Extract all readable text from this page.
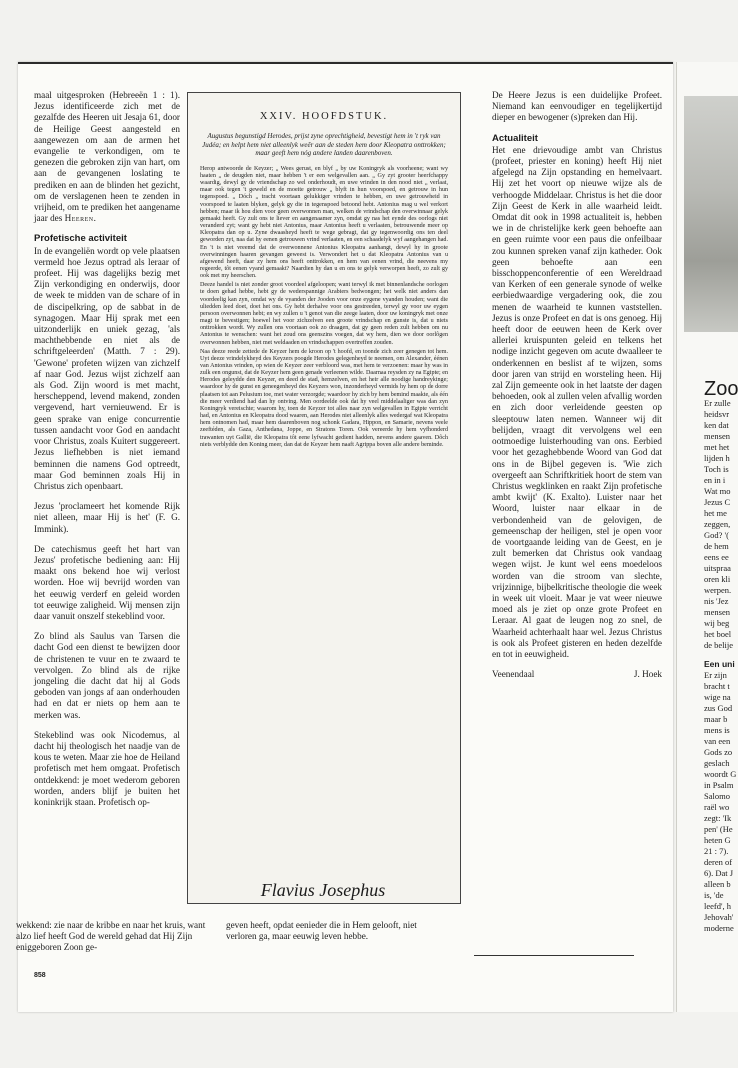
maal uitgesproken (Hebreeën 1 : 1). Jezus identificeerde zich met de gezalfde des Heeren uit Jesaja 61, door de Heilige Geest aangesteld en aangewezen om aan de armen het evangelie te verkondigen, om te genezen die gebroken zijn van hart, om aan de gevangenen loslating te prediken en aan de blinden het gezicht, om de verslagenen heen te zenden in vrijheid, om te prediken het aangename jaar des Heeren.

Profetische activiteit

In de evangeliën wordt op vele plaatsen vermeld hoe Jezus optrad als leraar of profeet. Hij was dagelijks bezig met Zijn verkondiging en onderwijs, door de week te midden van de schare of in de discipelkring, op de sabbat in de synagogen. Maar Hij sprak met een uitzonderlijk en uniek gezag, 'als machthebbende en niet als de schriftgeleerden' (Matth. 7 : 29). 'Gewone' profeten wijzen van zichzelf af naar God. Jezus wijst zichzelf aan als God. Zijn woord is met macht, herscheppend, levend makend, zonden vergevend, hart vernieuwend. Er is geen sprake van enige concurrentie tussen aandacht voor God en aandacht voor Christus, zoals Kuitert suggereert. Jezus liefhebben is niet iemand beminnen die namens God optreedt, maar God beminnen zoals Hij in Christus zich openbaart.

Jezus 'proclameert het komende Rijk niet alleen, maar Hij is het' (F. G. Immink).

De catechismus geeft het hart van Jezus' profetische bediening aan: Hij maakt ons bekend hoe wij verlost worden. Hoe wij bevrijd worden van het eeuwig verderf en geleid worden tot eeuwige zaligheid. Wij mensen zijn daar vanuit onszelf stekeblind voor.

Zo blind als Saulus van Tarsen die dacht God een dienst te bewijzen door de christenen te vuur en te zwaard te vervolgen. Zo blind als de rijke jongeling die dacht dat hij al Gods geboden van jongs af aan onderhouden had en dat er niets op hem aan te merken was.

Stekeblind was ook Nicodemus, al dacht hij theologisch het naadje van de kous te weten. Maar zie hoe de Heiland profetisch met hem omgaat. Profetisch ontdekkend: je moet wederom geboren worden, anders blijf je buiten het koninkrijk staan. Profetisch op-

De Heere Jezus is een duidelijke Profeet. Niemand kan eenvoudiger en tegelijkertijd dieper en bewogener (s)preken dan Hij.

Actualiteit

Het ene drievoudige ambt van Christus (profeet, priester en koning) heeft Hij niet afgelegd na Zijn opstanding en hemelvaart. Hij zet het voort op nieuwe wijze als de verhoogde Middelaar. Christus is het die door Zijn Geest de Kerk in alle waarheid leidt. Omdat dit ook in 1998 actualiteit is, hebben we in de christelijke kerk geen behoefte aan en geen ruimte voor een paus die onfeilbaar zou kunnen spreken vanaf zijn katheder. Ook geen behoefte aan een bisschoppenconferentie of een Wereldraad van Kerken of een generale synode of welke eerbiedwaardige vergadering ook, die zou menen de waarheid te kunnen vaststellen. Jezus is onze Profeet en dat is ons genoeg. Hij heeft door de eeuwen heen de Kerk over allerlei kruispunten geleid en telkens het nodige inzicht gegeven om acute dwaalleer te onderkennen en beslist af te wijzen, soms door jaren van strijd en worsteling heen. Hij zal Zijn gemeente ook in het laatste der dagen behoeden, ook al zullen velen afvallig worden en zich door verleidende geesten op sleeptouw laten nemen. Wanneer wij dit belijden, vraagt dit vervolgens wel een ootmoedige luisterhouding van ons. Eerbied voor het gezaghebbende Woord van God dat ons in de Bijbel gegeven is. 'Wie zich overgeeft aan Schriftkritiek hoort de stem van Christus wegklinken en raakt Zijn profetische ambt kwijt' (K. Exalto). Luister naar het Woord, luister naar elkaar in de verbondenheid van de gelovigen, de gemeenschap der heiligen, stel je open voor de voortgaande leiding van de Geest, en je zult bemerken dat Christus ook vandaag wegen wijst. Je kunt wel eens moedeloos worden van die stroom van slechte, vrijzinnige, bijbelkritische theologie die week in week uit vloeit. Maar je vat weer nieuwe moed als je ziet op onze grote Profeet en Leraar. Al gaat de leugen nog zo snel, de Waarheid achterhaalt haar wel. Jezus Christus is ook als Profeet gisteren en heden dezelfde en tot in eeuwigheid.

Veenendaal	J. Hoek
XXIV. HOOFDSTUK.
Augustus begunstigd Herodes, prijst zyne oprechtigheid, bevestigt hem in 't ryk van Judéa; en helpt hem niet alleenlyk weêr aan de steden hem door Kleopatra onttrokken; maar geeft hem nóg andere landen daarenboven.

Herop antwoorde de Keyzer; „ Wees gerust, en blyf „ by uw Koningryk als voorheene; want wy haaten „ de deugden niet, maar hebben 't er een welgevallen aan. „ Gy zyt grooter heerfchappy waardig, dewyl gy de vriendschap zo wel onderhoudt, en uwe vrinden in den nood niet „ verlaat, maar ook tegen 't geweld en de moeite getrouw „ blyft in hun voorspoed, en getrouw in hun tegenspoed. „ Dóch „ tracht voortaan gelukkiger vrinden te hebben, en uwe getrouwheid in voorspoed te laaten blyken, gelyk gy die in tegenspoed betoond hebt. Antonius mag u wel verkort hebben; maar ik hou dien voor geen overwonnen man, welken de vrindschap den overwinnaar gelyk gemaakt heeft. Gy zult ons te liever en aangenaamer zyn, omdat gy nas het eynde des oorlogs niet veranderd zyt; want gy hebt niet Antonius, maar Antonius heeft u verlaaten, betrouwende meer op Kleopatra dan op u. Zyne dwaasheyd heeft te wege gebragt, dat gy tegenwoordig ons ten deel geworden zyt, naa dat hy eenen getrouwen vrind verlaaten, en een schaadelyk wyf aangehangen had. En 't is niet vreemd dat de overwonnene Antonius Kleopatra aanhangt, dewyl hy in groote overwinningen haaren gevangen geweest is. Verwondert het u dat Kleopatra Antonius van u afgewend heeft, daar zy hem ons heeft onttrokken, en hem van eenen vrind, die neevens my regeerde, tôt eenen vyand gemaakt? Naardien hy dan u en ons te gelyk verworpen heeft, zo zult gy ook met my heerschen.

Deeze handel is niet zonder groot voordeel afgeloopen; want terwyl ik met binnenlandsche oorlogen te doen gehad hebbe, hebt gy de wederspannige Arabiers bedwongen; het welk niet anders dan voordeelig kan zyn, omdat wy de vyanden der Jooden voor onze eygene vyanden houden; want die uliedden leed doet, doet het ons. Gy hebt derhalve voor ons gestreeden, terwyl gy voor uw eygen persoon overwonnen hebt; en wy zullen u 't genot van die zeege laaten, door uw koningryk met onze magt te bevestigen; hoewel het voor zichzelven een groote vrindschap en gunste is, dat u niets onttrokken wordt. Wy zullen ons voortaan ook zo draagen, dat gy geen reden zult hebben om nu Antonius te wenschen: want het zoud ons geenszins voegen, dat wy hem, dien we door oorlôgen overwonnen hebben, niet met weldaaden en vrindschappen overtreffen zouden.

Naa deeze reede zettede de Keyzer hem de kroon op 't hoofd, en toonde zich zeer genegen tot hem. Uyt deeze vrindelykheyd des Keyzers poogde Herodes gelegenheyd te neemen, om Alexander, éénen van Antonius vrinden, op wien de Keyzer zeer verbloord was, met hem te verzoenen: maar hy was in zulk een ongunst, dat de Keyzer hem geen genade verleenen wilde. Daarnaa reysden zy na Egipte; en Herodes geleydde den Keyzer, en deed de stad, hemzelven, en het heir alle noodige handreykinge; waardoor hy de gunst en geneegenheyd des Keyzers won, inzonderheyd vermids hy hem op de dorre plaatsen tot aan Pelusium toe, met water verzorgde; waardoor hy zich by hem bemind maakte, als één die meer verdiend had dan hy ontving. Men oordeelde ook dat hy veel middelaaliger was dan zyn Koningryk vereischte; waarom hy, toen de Keyzer tot alles naar zyn welgevallen in Egipte verricht had, en Antonius en Kleopatra dood waaren, aan Herodes niet alleenlyk alles wedergaf wat Kleopatra hem ontnomen had, maar hem daarenboven nog schonk Gadara, Hippon, en Samarie, nevens veele zeeftéden, als Gaza, Anthedana, Joppe, en Stratons Toren. Ook vereerde hy hem vyfhonderd trawanten uyt Gallië, die Kleopatra tôt eene lyfwacht gedient hadden, nevens andere gaaven. Dôch niets verblydde den Koning meer, dan dat de Keyzer hem naaft Agrippa boven alle andere beminde.

Flavius Josephus
wekkend: zie naar de kribbe en naar het kruis, want alzo lief heeft God de wereld gehad dat Hij Zijn eniggeboren Zoon ge-
geven heeft, opdat eenieder die in Hem gelooft, niet verloren ga, maar eeuwig leven hebbe.
858
Zoo
Er zulle
heidsvr
ken dat
mensen
met het
lijden h
Toch is
en in i
Wat mo
Jezus C
het me
zeggen,
God? '(
de hem
eens ee
uitspraa
oren kli
werpen.
nis 'Jez
mensen
wij beg
het boel
de belije
Een uni
Er zijn
bracht t
wige na
zus God
maar b
mens is
van een
Gods zo
geslach
woordt G
in Psalm
Salomo
raël wo
zegt: 'Ik
pen' (He
heten G
21 : 7).
deren of
6). Dat J
alleen b
is, 'de
leefd', h
Jehovah'
moderne
